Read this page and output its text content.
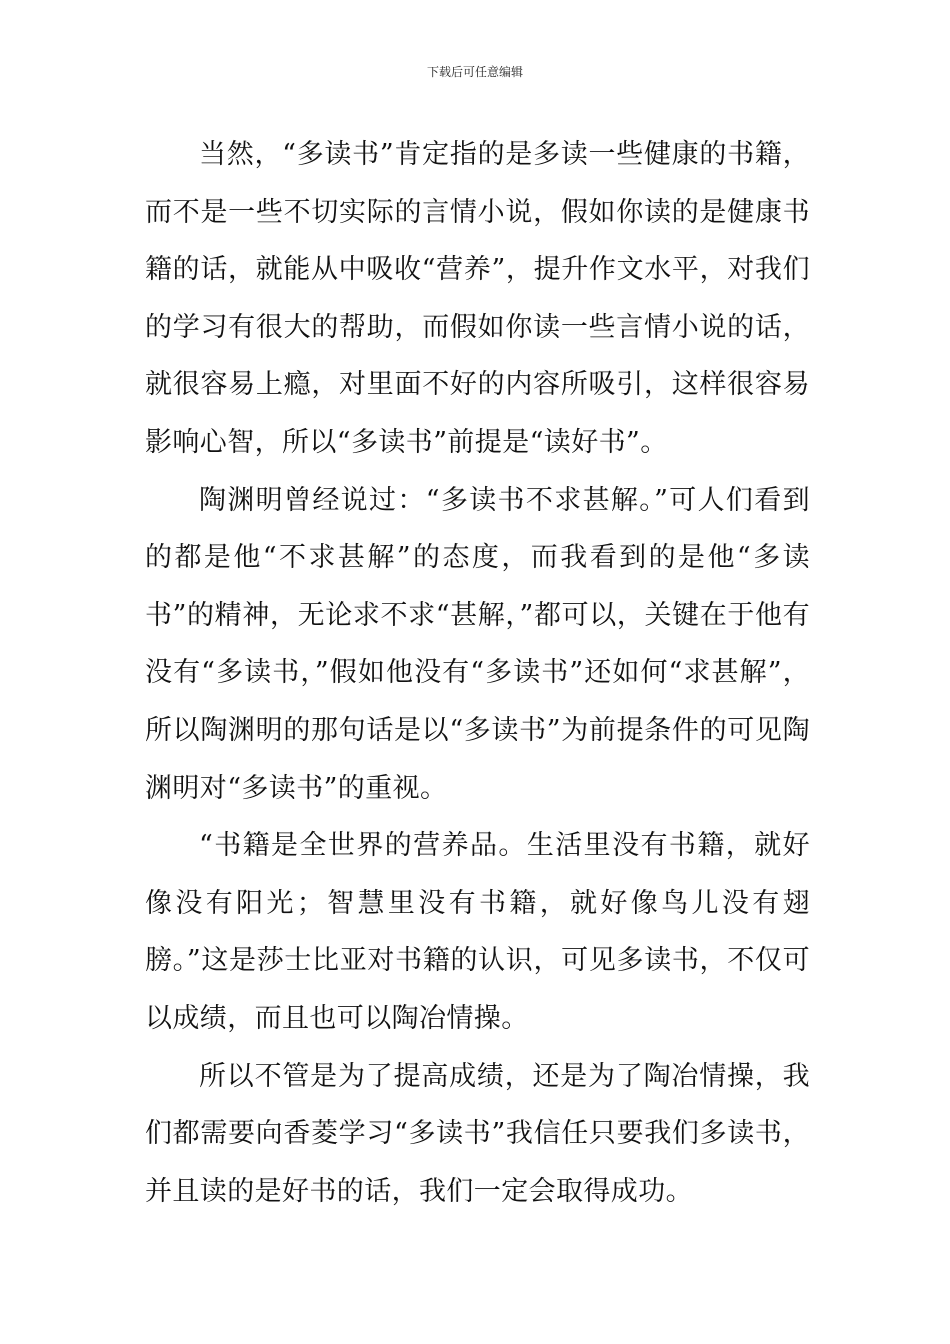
下载后可任意编辑

当然，“多读书”肯定指的是多读一些健康的书籍，而不是一些不切实际的言情小说，假如你读的是健康书籍的话，就能从中吸收“营养”，提升作文水平，对我们的学习有很大的帮助，而假如你读一些言情小说的话，就很容易上瘾，对里面不好的内容所吸引，这样很容易影响心智，所以“多读书”前提是“读好书”。

陶渊明曾经说过：“多读书不求甚解。”可人们看到的都是他“不求甚解”的态度，而我看到的是他“多读书”的精神，无论求不求“甚解，”都可以，关键在于他有没有“多读书，”假如他没有“多读书”还如何“求甚解”，所以陶渊明的那句话是以“多读书”为前提条件的可见陶渊明对“多读书”的重视。

“书籍是全世界的营养品。生活里没有书籍，就好像没有阳光；智慧里没有书籍，就好像鸟儿没有翅膀。”这是莎士比亚对书籍的认识，可见多读书，不仅可以成绩，而且也可以陶冶情操。

所以不管是为了提高成绩，还是为了陶冶情操，我们都需要向香菱学习“多读书”我信任只要我们多读书，并且读的是好书的话，我们一定会取得成功。
